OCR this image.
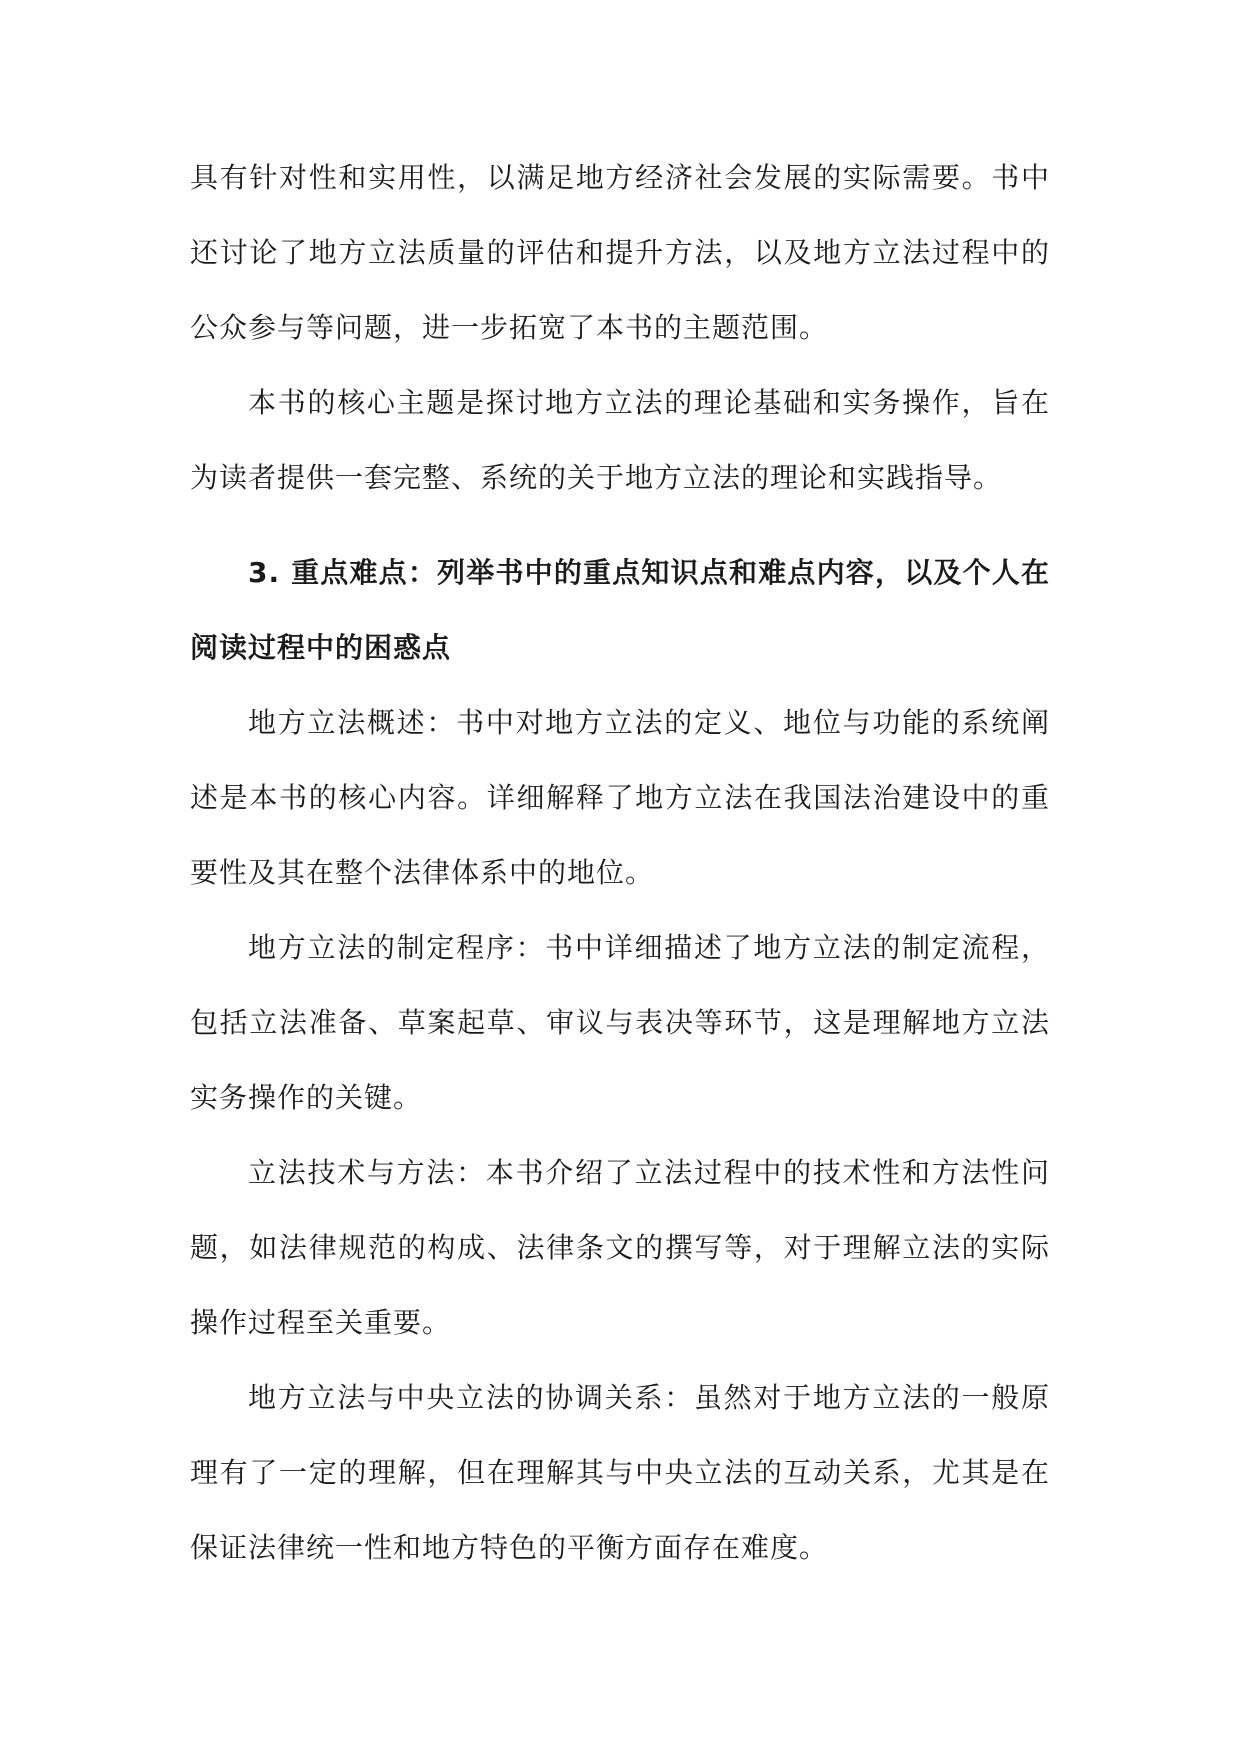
具有针对性和实用性，以满足地方经济社会发展的实际需要。书中还讨论了地方立法质量的评估和提升方法，以及地方立法过程中的公众参与等问题，进一步拓宽了本书的主题范围。

本书的核心主题是探讨地方立法的理论基础和实务操作，旨在为读者提供一套完整、系统的关于地方立法的理论和实践指导。

3. 重点难点：列举书中的重点知识点和难点内容，以及个人在阅读过程中的困惑点

地方立法概述：书中对地方立法的定义、地位与功能的系统阐述是本书的核心内容。详细解释了地方立法在我国法治建设中的重要性及其在整个法律体系中的地位。

地方立法的制定程序：书中详细描述了地方立法的制定流程，包括立法准备、草案起草、审议与表决等环节，这是理解地方立法实务操作的关键。

立法技术与方法：本书介绍了立法过程中的技术性和方法性问题，如法律规范的构成、法律条文的撰写等，对于理解立法的实际操作过程至关重要。

地方立法与中央立法的协调关系：虽然对于地方立法的一般原理有了一定的理解，但在理解其与中央立法的互动关系，尤其是在保证法律统一性和地方特色的平衡方面存在难度。
